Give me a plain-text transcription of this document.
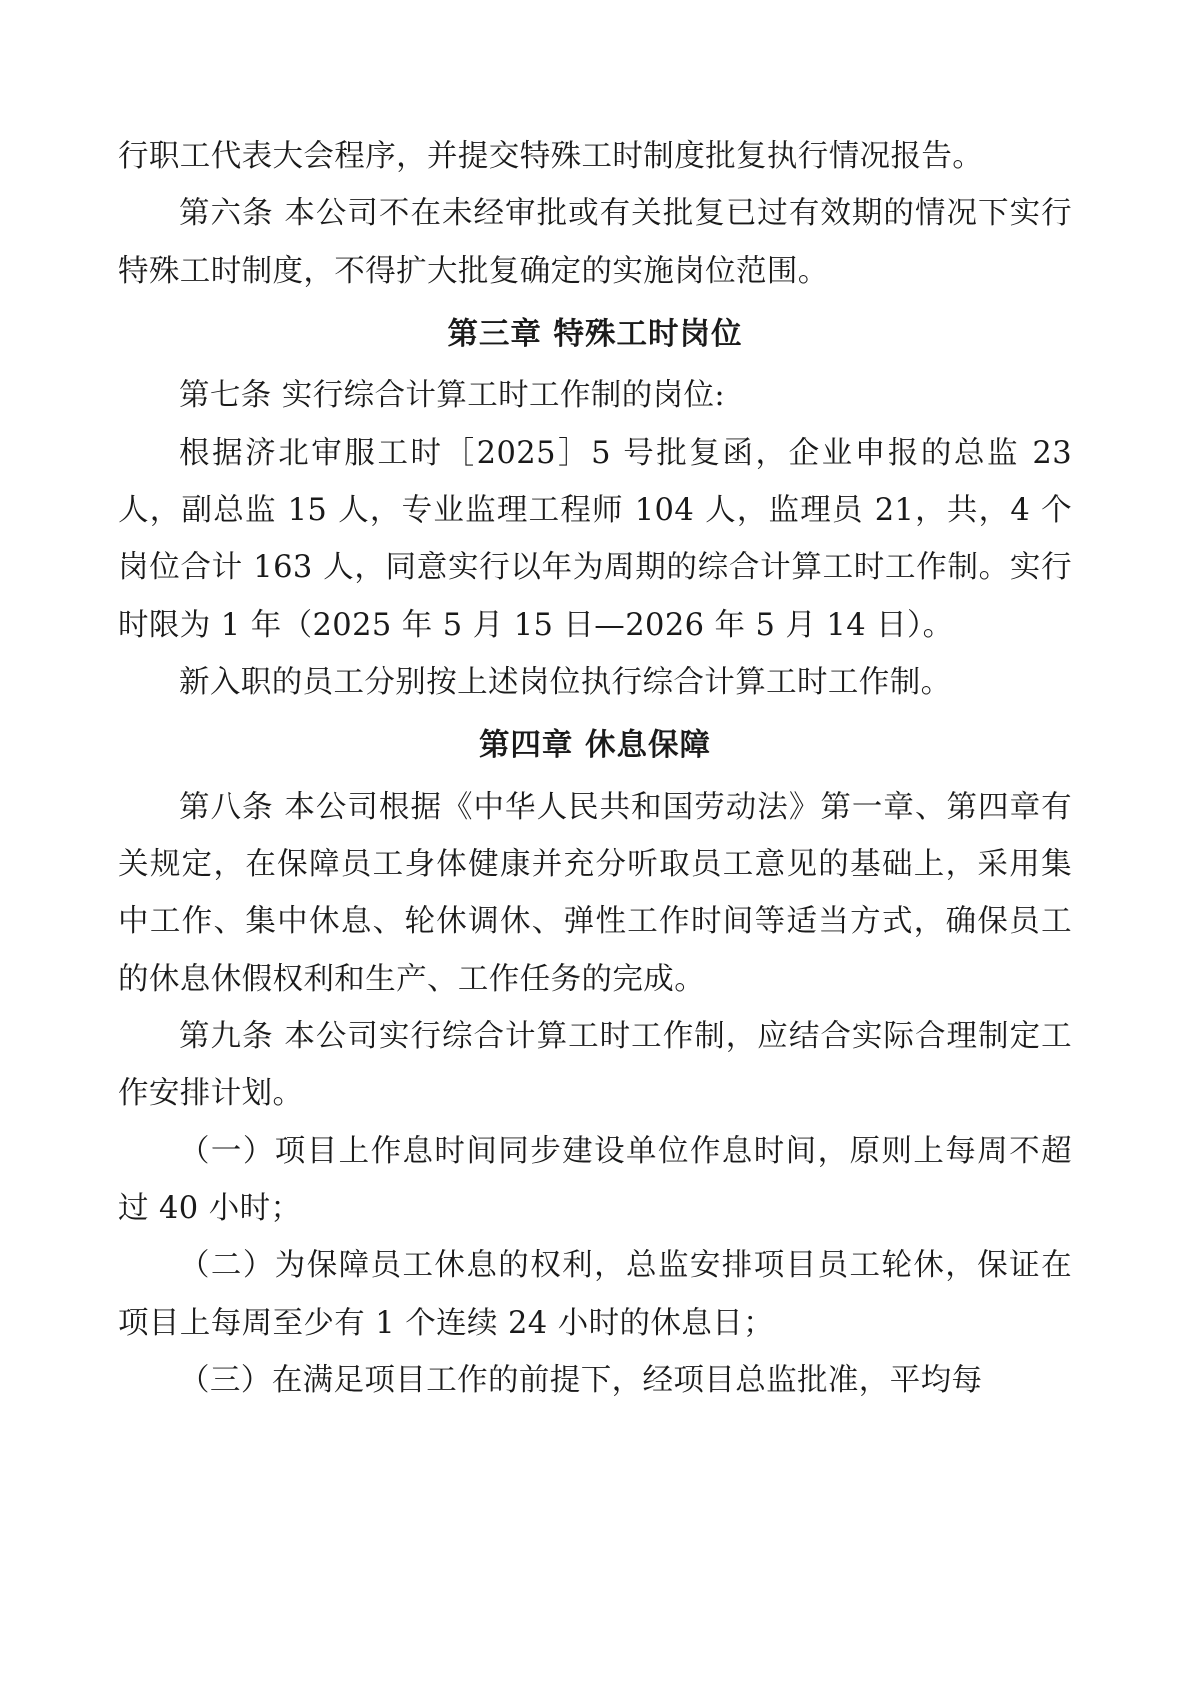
行职工代表大会程序，并提交特殊工时制度批复执行情况报告。

第六条 本公司不在未经审批或有关批复已过有效期的情况下实行特殊工时制度，不得扩大批复确定的实施岗位范围。

第三章 特殊工时岗位

第七条 实行综合计算工时工作制的岗位:

根据济北审服工时［2025］5 号批复函，企业申报的总监 23 人，副总监 15 人，专业监理工程师 104 人，监理员 21，共，4 个岗位合计 163 人，同意实行以年为周期的综合计算工时工作制。实行时限为 1 年（2025 年 5 月 15 日—2026 年 5 月 14 日）。

新入职的员工分别按上述岗位执行综合计算工时工作制。

第四章 休息保障

第八条 本公司根据《中华人民共和国劳动法》第一章、第四章有关规定，在保障员工身体健康并充分听取员工意见的基础上，采用集中工作、集中休息、轮休调休、弹性工作时间等适当方式，确保员工的休息休假权利和生产、工作任务的完成。

第九条 本公司实行综合计算工时工作制，应结合实际合理制定工作安排计划。

（一）项目上作息时间同步建设单位作息时间，原则上每周不超过 40 小时；

（二）为保障员工休息的权利，总监安排项目员工轮休，保证在项目上每周至少有 1 个连续 24 小时的休息日；

（三）在满足项目工作的前提下，经项目总监批准，平均每
